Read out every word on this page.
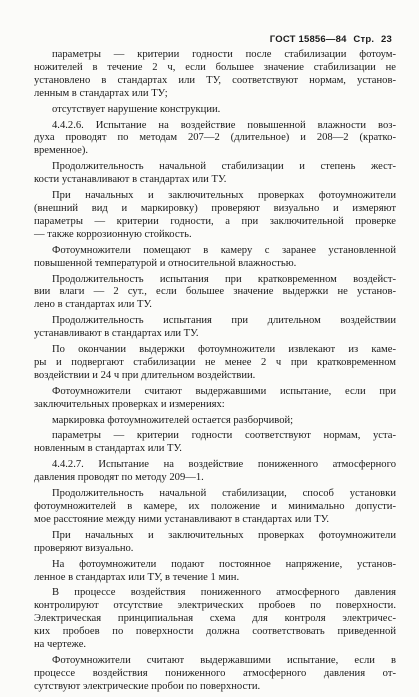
ГОСТ 15856—84 Стр. 23

параметры — критерии годности после стабилизации фотоум-
ножителей в течение 2 ч, если большее значение стабилизации не
установлено в стандартах или ТУ, соответствуют нормам, установ-
ленным в стандартах или ТУ;

отсутствует нарушение конструкции.

4.4.2.6. Испытание на воздействие повышенной влажности воз-
духа проводят по методам 207—2 (длительное) и 208—2 (кратко-
временное).

Продолжительность начальной стабилизации и степень жест-
кости устанавливают в стандартах или ТУ.

При начальных и заключительных проверках фотоумножители
(внешний вид и маркировку) проверяют визуально и измеряют
параметры — критерии годности, а при заключительной проверке
— также коррозионную стойкость.

Фотоумножители помещают в камеру с заранее установленной
повышенной температурой и относительной влажностью.

Продолжительность испытания при кратковременном воздейст-
вии влаги — 2 сут., если большее значение выдержки не установ-
лено в стандартах или ТУ.

Продолжительность испытания при длительном воздействии
устанавливают в стандартах или ТУ.

По окончании выдержки фотоумножители извлекают из каме-
ры и подвергают стабилизации не менее 2 ч при кратковременном
воздействии и 24 ч при длительном воздействии.

Фотоумножители считают выдержавшими испытание, если при
заключительных проверках и измерениях:

маркировка фотоумножителей остается разборчивой;

параметры — критерии годности соответствуют нормам, уста-
новленным в стандартах или ТУ.

4.4.2.7. Испытание на воздействие пониженного атмосферного
давления проводят по методу 209—1.

Продолжительность начальной стабилизации, способ установки
фотоумножителей в камере, их положение и минимально допусти-
мое расстояние между ними устанавливают в стандартах или ТУ.

При начальных и заключительных проверках фотоумножители
проверяют визуально.

На фотоумножители подают постоянное напряжение, установ-
ленное в стандартах или ТУ, в течение 1 мин.

В процессе воздействия пониженного атмосферного давления
контролируют отсутствие электрических пробоев по поверхности.
Электрическая принципиальная схема для контроля электричес-
ких пробоев по поверхности должна соответствовать приведенной
на чертеже.

Фотоумножители считают выдержавшими испытание, если в
процессе воздействия пониженного атмосферного давления от-
сутствуют электрические пробои по поверхности.
